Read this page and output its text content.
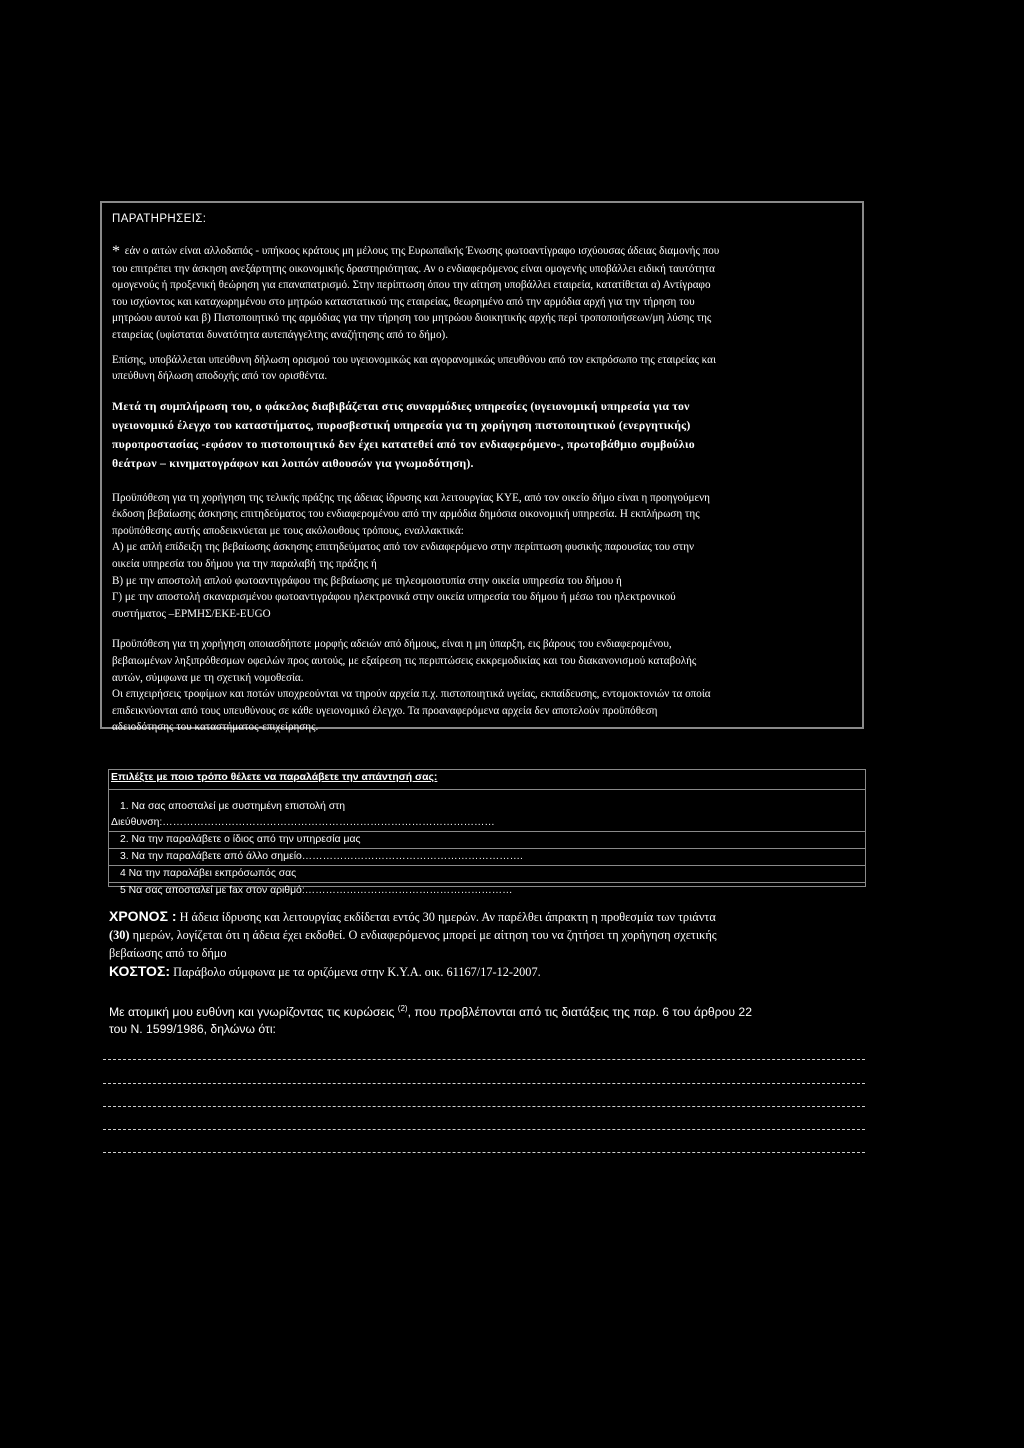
ΠΑΡΑΤΗΡΗΣΕΙΣ:
* εάν ο αιτών είναι αλλοδαπός - υπήκοος κράτους μη μέλους της Ευρωπαϊκής Ένωσης φωτοαντίγραφο ισχύουσας άδειας διαμονής που
του επιτρέπει την άσκηση ανεξάρτητης οικονομικής δραστηριότητας. Αν ο ενδιαφερόμενος είναι ομογενής υποβάλλει ειδική ταυτότητα
ομογενούς ή προξενική θεώρηση για επαναπατρισμό. Στην περίπτωση όπου την αίτηση υποβάλλει εταιρεία, κατατίθεται α) Αντίγραφο
του ισχύοντος και καταχωρημένου στο μητρώο καταστατικού της εταιρείας, θεωρημένο από την αρμόδια αρχή για την τήρηση του
μητρώου αυτού και β) Πιστοποιητικό της αρμόδιας για την τήρηση του μητρώου διοικητικής αρχής περί τροποποιήσεων/μη λύσης της
εταιρείας (υφίσταται δυνατότητα αυτεπάγγελτης αναζήτησης από το δήμο).
Επίσης, υποβάλλεται υπεύθυνη δήλωση ορισμού του υγειονομικώς και αγορανομικώς υπευθύνου από τον εκπρόσωπο της εταιρείας και
υπεύθυνη δήλωση αποδοχής από τον ορισθέντα.
Μετά τη συμπλήρωση του, ο φάκελος διαβιβάζεται στις συναρμόδιες υπηρεσίες (υγειονομική υπηρεσία για τον
υγειονομικό έλεγχο του καταστήματος, πυροσβεστική υπηρεσία για τη χορήγηση πιστοποιητικού (ενεργητικής)
πυροπροστασίας -εφόσον το πιστοποιητικό δεν έχει κατατεθεί από τον ενδιαφερόμενο-, πρωτοβάθμιο συμβούλιο
θεάτρων – κινηματογράφων και λοιπών αιθουσών για γνωμοδότηση).
Προϋπόθεση για τη χορήγηση της τελικής πράξης της άδειας ίδρυσης και λειτουργίας ΚΥΕ, από τον οικείο δήμο είναι η προηγούμενη
έκδοση βεβαίωσης άσκησης επιτηδεύματος του ενδιαφερομένου από την αρμόδια δημόσια οικονομική υπηρεσία. Η εκπλήρωση της
προϋπόθεσης αυτής αποδεικνύεται με τους ακόλουθους τρόπους, εναλλακτικά:
Α) με απλή επίδειξη της βεβαίωσης άσκησης επιτηδεύματος από τον ενδιαφερόμενο στην περίπτωση φυσικής παρουσίας του στην
οικεία υπηρεσία του δήμου για την παραλαβή της πράξης ή
Β) με την αποστολή απλού φωτοαντιγράφου της βεβαίωσης με τηλεομοιοτυπία στην οικεία υπηρεσία του δήμου ή
Γ) με την αποστολή σκαναρισμένου φωτοαντιγράφου ηλεκτρονικά στην οικεία υπηρεσία του δήμου ή μέσω του ηλεκτρονικού
συστήματος –ΕΡΜΗΣ/ΕΚΕ-EUGO
Προϋπόθεση για τη χορήγηση οποιασδήποτε μορφής αδειών από δήμους, είναι η μη ύπαρξη, εις βάρους του ενδιαφερομένου,
βεβαιωμένων ληξιπρόθεσμων οφειλών προς αυτούς, με εξαίρεση τις περιπτώσεις εκκρεμοδικίας και του διακανονισμού καταβολής
αυτών, σύμφωνα με τη σχετική νομοθεσία.
Οι επιχειρήσεις τροφίμων και ποτών υποχρεούνται να τηρούν αρχεία π.χ. πιστοποιητικά υγείας, εκπαίδευσης, εντομοκτονιών τα οποία
επιδεικνύονται από τους υπευθύνους σε κάθε υγειονομικό έλεγχο. Τα προαναφερόμενα αρχεία δεν αποτελούν προϋπόθεση
αδειοδότησης του καταστήματος-επιχείρησης.
Επιλέξτε με ποιο τρόπο θέλετε να παραλάβετε την απάντησή σας:
1. Να σας αποσταλεί με συστημένη επιστολή στη
Διεύθυνση:……………………………………………………………………………………
2. Να την παραλάβετε ο ίδιος από την υπηρεσία μας
3. Να την παραλάβετε από άλλο σημείο……………………………………………………….
4 Να την παραλάβει εκπρόσωπός σας
5 Να σας αποσταλεί με fax στον αριθμό:……………………………………………………
ΧΡΟΝΟΣ : Η άδεια ίδρυσης και λειτουργίας εκδίδεται εντός 30 ημερών. Αν παρέλθει άπρακτη η προθεσμία των τριάντα
(30) ημερών, λογίζεται ότι η άδεια έχει εκδοθεί. Ο ενδιαφερόμενος μπορεί με αίτηση του να ζητήσει τη χορήγηση σχετικής
βεβαίωσης από το δήμο
ΚΟΣΤΟΣ: Παράβολο σύμφωνα με τα οριζόμενα στην Κ.Υ.Α. οικ. 61167/17-12-2007.
Με ατομική μου ευθύνη και γνωρίζοντας τις κυρώσεις $^{(2)}$, που προβλέπονται από τις διατάξεις της παρ. 6 του άρθρου 22
του Ν. 1599/1986, δηλώνω ότι:
